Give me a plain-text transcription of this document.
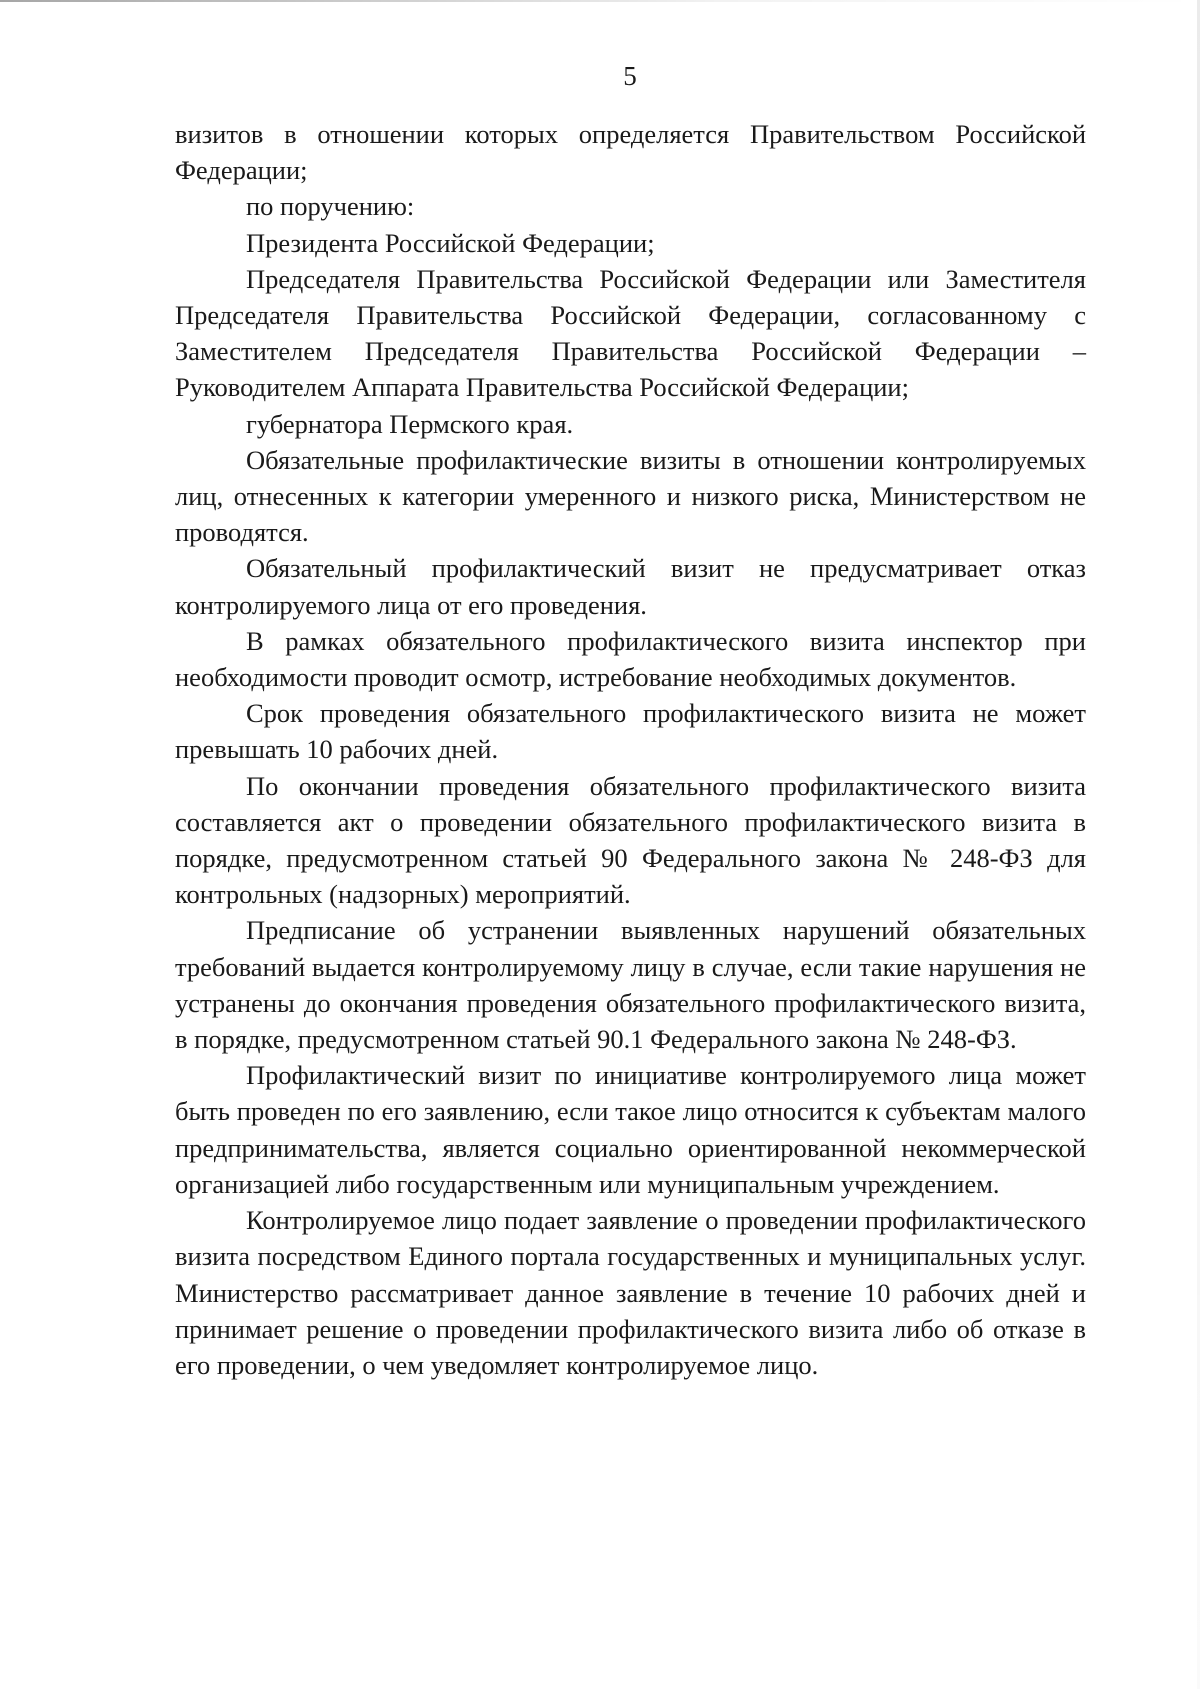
5

визитов в отношении которых определяется Правительством Российской Федерации;

по поручению:

Президента Российской Федерации;

Председателя Правительства Российской Федерации или Заместителя Председателя Правительства Российской Федерации, согласованному с Заместителем Председателя Правительства Российской Федерации – Руководителем Аппарата Правительства Российской Федерации;

губернатора Пермского края.

Обязательные профилактические визиты в отношении контролируемых лиц, отнесенных к категории умеренного и низкого риска, Министерством не проводятся.

Обязательный профилактический визит не предусматривает отказ контролируемого лица от его проведения.

В рамках обязательного профилактического визита инспектор при необходимости проводит осмотр, истребование необходимых документов.

Срок проведения обязательного профилактического визита не может превышать 10 рабочих дней.

По окончании проведения обязательного профилактического визита составляется акт о проведении обязательного профилактического визита в порядке, предусмотренном статьей 90 Федерального закона № 248-ФЗ для контрольных (надзорных) мероприятий.

Предписание об устранении выявленных нарушений обязательных требований выдается контролируемому лицу в случае, если такие нарушения не устранены до окончания проведения обязательного профилактического визита, в порядке, предусмотренном статьей 90.1 Федерального закона № 248-ФЗ.

Профилактический визит по инициативе контролируемого лица может быть проведен по его заявлению, если такое лицо относится к субъектам малого предпринимательства, является социально ориентированной некоммерческой организацией либо государственным или муниципальным учреждением.

Контролируемое лицо подает заявление о проведении профилактического визита посредством Единого портала государственных и муниципальных услуг. Министерство рассматривает данное заявление в течение 10 рабочих дней и принимает решение о проведении профилактического визита либо об отказе в его проведении, о чем уведомляет контролируемое лицо.
